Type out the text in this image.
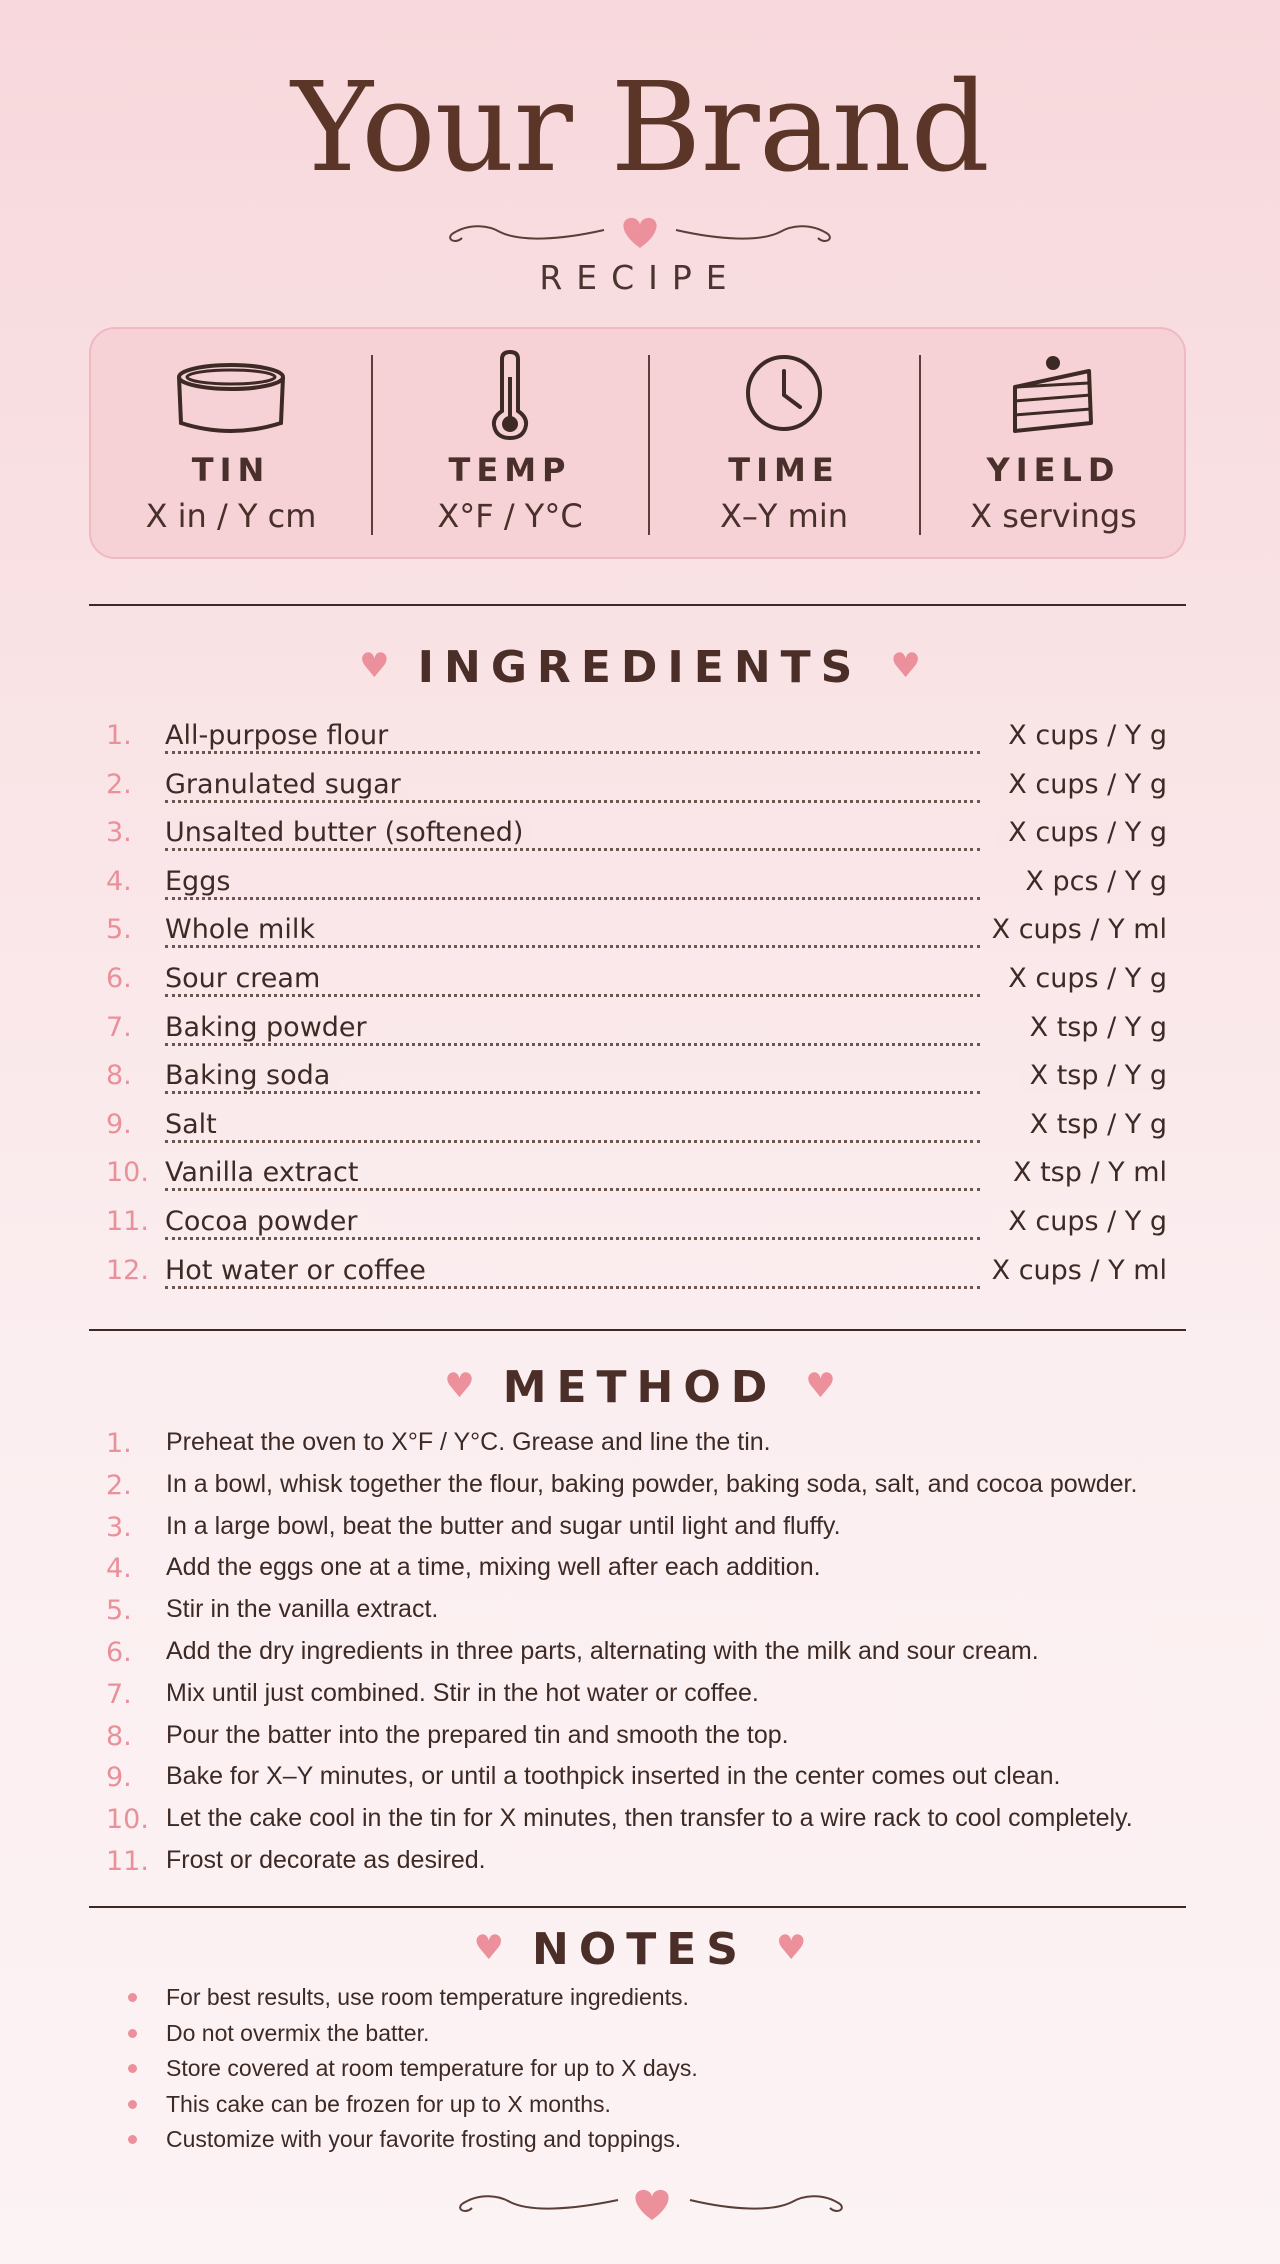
Your Brand
RECIPE
TIN
X in / Y cm
TEMP
X°F / Y°C
TIME
X–Y min
YIELD
X servings
♥ INGREDIENTS ♥
1.	All-purpose flour	X cups / Y g
2.	Granulated sugar	X cups / Y g
3.	Unsalted butter (softened)	X cups / Y g
4.	Eggs	X pcs / Y g
5.	Whole milk	X cups / Y ml
6.	Sour cream	X cups / Y g
7.	Baking powder	X tsp / Y g
8.	Baking soda	X tsp / Y g
9.	Salt	X tsp / Y g
10. Vanilla extract	X tsp / Y ml
11. Cocoa powder	X cups / Y g
12. Hot water or coffee	X cups / Y ml
♥ METHOD ♥
1.	Preheat the oven to X°F / Y°C. Grease and line the tin.
2.	In a bowl, whisk together the flour, baking powder, baking soda, salt, and cocoa powder.
3.	In a large bowl, beat the butter and sugar until light and fluffy.
4.	Add the eggs one at a time, mixing well after each addition.
5.	Stir in the vanilla extract.
6.	Add the dry ingredients in three parts, alternating with the milk and sour cream.
7.	Mix until just combined. Stir in the hot water or coffee.
8.	Pour the batter into the prepared tin and smooth the top.
9.	Bake for X–Y minutes, or until a toothpick inserted in the center comes out clean.
10. Let the cake cool in the tin for X minutes, then transfer to a wire rack to cool completely.
11. Frost or decorate as desired.
♥ NOTES ♥
For best results, use room temperature ingredients.
Do not overmix the batter.
Store covered at room temperature for up to X days.
This cake can be frozen for up to X months.
Customize with your favorite frosting and toppings.
